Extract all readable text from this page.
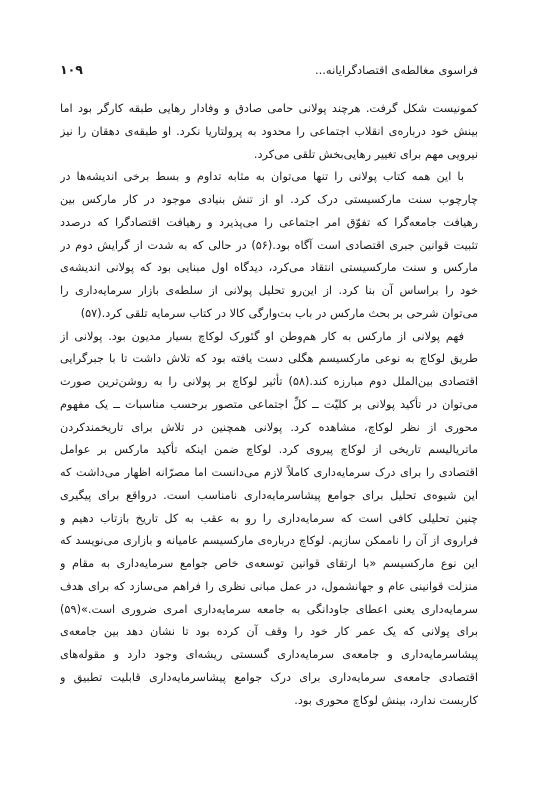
فراسوی مغالطه‌ی اقتصادگرایانه...
۱۰۹
کمونیست شکل گرفت. هرچند پولانی حامی صادق و وفادار رهایی طبقه کارگر بود اما
بینش خود درباره‌ی انقلاب اجتماعی را محدود به پرولتاریا نکرد. او طبقه‌ی دهقان را نیز
نیرویی مهم برای تغییر رهایی‌بخش تلقی می‌کرد.
با این همه کتاب پولانی را تنها می‌توان به مثابه تداوم و بسط برخی اندیشه‌ها در
چارچوب سنت مارکسیستی درک کرد. او از تنش بنیادی موجود در کار مارکس بین
رهیافت جامعه‌گرا که تفوّق امر اجتماعی را می‌پذیرد و رهیافت اقتصادگرا که درصدد
تثبیت قوانین جبری اقتصادی است آگاه بود.(۵۶) در حالی که به شدت از گرایش دوم در
مارکس و سنت مارکسیستی انتقاد می‌کرد، دیدگاه اول مبنایی بود که پولانی اندیشه‌ی
خود را براساس آن بنا کرد. از این‌رو تحلیل پولانی از سلطه‌ی بازار سرمایه‌داری را
می‌توان شرحی بر بحث مارکس در باب بت‌وارگی کالا در کتاب سرمایه تلقی کرد.(۵۷)
فهم پولانی از مارکس به کار هم‌وطن او گئورک لوکاچ بسیار مدیون بود. پولانی از
طریق لوکاچ به نوعی مارکسیسم هگلی دست یافته بود که تلاش داشت تا با جبرگرایی
اقتصادی بین‌الملل دوم مبارزه کند.(۵۸) تأثیر لوکاچ بر پولانی را به روشن‌ترین صورت
می‌توان در تأکید پولانی بر کلیّت ــ کلِّ اجتماعی متصور برحسب مناسبات ــ یک مفهوم
محوری از نظر لوکاچ، مشاهده کرد. پولانی همچنین در تلاش برای تاریخمندکردن
ماتریالیسم تاریخی از لوکاچ پیروی کرد. لوکاچ ضمن اینکه تأکید مارکس بر عوامل
اقتصادی را برای درک سرمایه‌داری کاملاً لازم می‌دانست اما مصرّانه اظهار می‌داشت که
این شیوه‌ی تحلیل برای جوامع پیشاسرمایه‌داری نامناسب است. درواقع برای پیگیری
چنین تحلیلی کافی است که سرمایه‌داری را رو به عقب به کل تاریخ بازتاب دهیم و
فراروی از آن را ناممکن سازیم. لوکاچ درباره‌ی مارکسیسم عامیانه و بازاری می‌نویسد که
این نوع مارکسیسم «با ارتقای قوانین توسعه‌ی خاص جوامع سرمایه‌داری به مقام و
منزلت قوانینی عام و جهانشمول، در عمل مبانی نظری را فراهم می‌سازد که برای هدف
سرمایه‌داری یعنی اعطای جاودانگی به جامعه سرمایه‌داری امری ضروری است.»(۵۹)
برای پولانی که یک عمر کار خود را وقف آن کرده بود تا نشان دهد بین جامعه‌ی
پیشاسرمایه‌داری و جامعه‌ی سرمایه‌داری گسستی ریشه‌ای وجود دارد و مقوله‌های
اقتصادی جامعه‌ی سرمایه‌داری برای درک جوامع پیشاسرمایه‌داری قابلیت تطبیق و
کاربست ندارد، بینش لوکاچ محوری بود.
